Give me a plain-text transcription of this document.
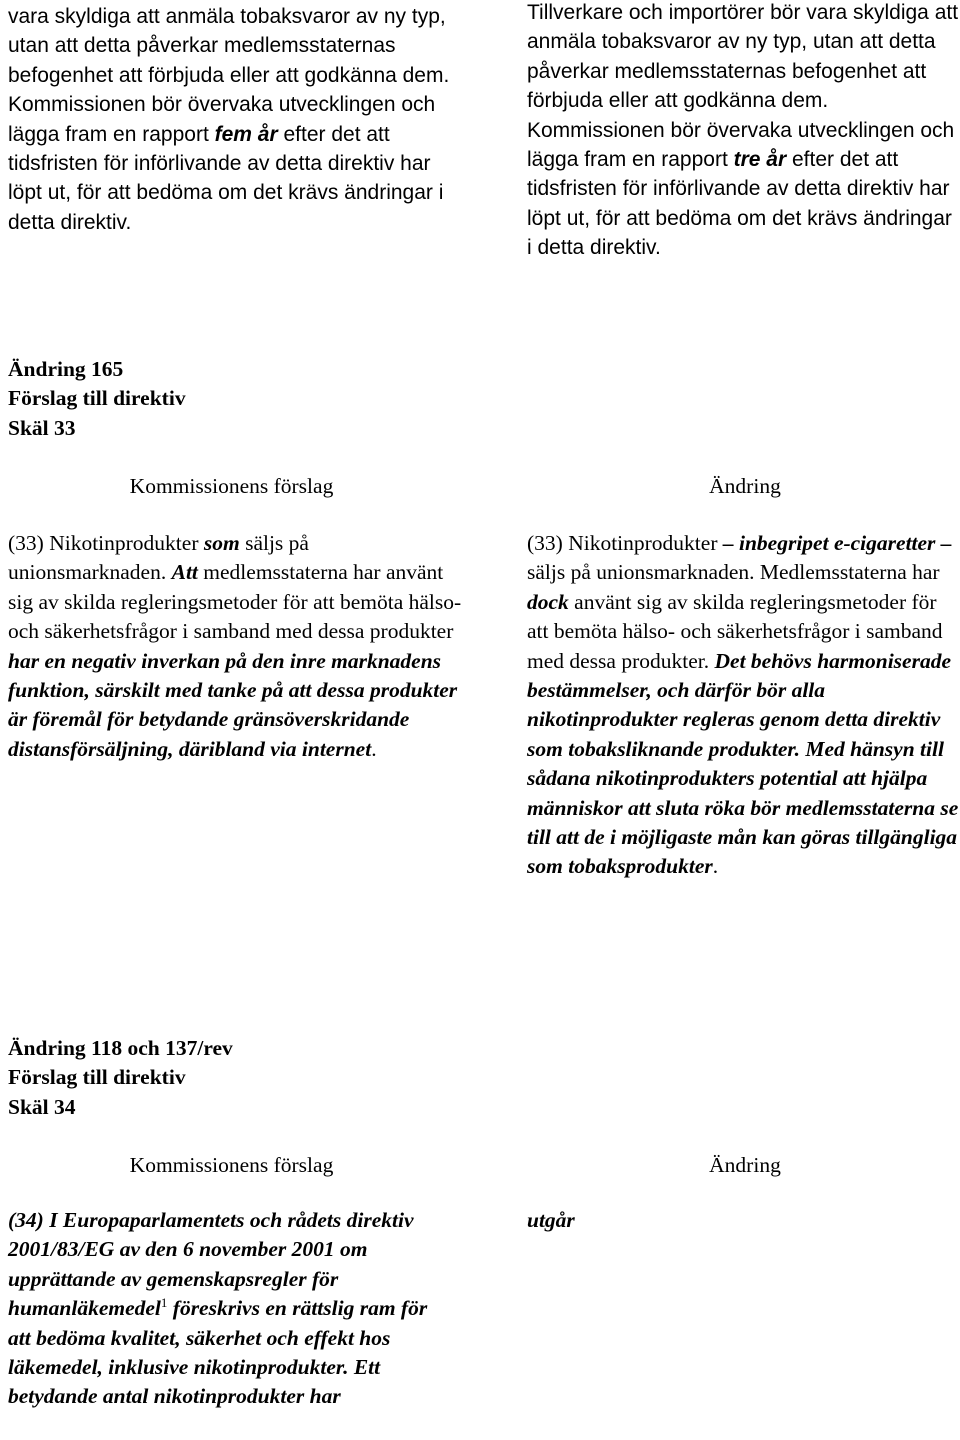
vara skyldiga att anmäla tobaksvaror av ny typ, utan att detta påverkar medlemsstaternas befogenhet att förbjuda eller att godkänna dem. Kommissionen bör övervaka utvecklingen och lägga fram en rapport fem år efter det att tidsfristen för införlivande av detta direktiv har löpt ut, för att bedöma om det krävs ändringar i detta direktiv.

Tillverkare och importörer bör vara skyldiga att anmäla tobaksvaror av ny typ, utan att detta påverkar medlemsstaternas befogenhet att förbjuda eller att godkänna dem. Kommissionen bör övervaka utvecklingen och lägga fram en rapport tre år efter det att tidsfristen för införlivande av detta direktiv har löpt ut, för att bedöma om det krävs ändringar i detta direktiv.

Ändring 165
Förslag till direktiv
Skäl 33
Kommissionens förslag	Ändring

(33) Nikotinprodukter som säljs på unionsmarknaden. Att medlemsstaterna har använt sig av skilda regleringsmetoder för att bemöta hälso- och säkerhetsfrågor i samband med dessa produkter har en negativ inverkan på den inre marknadens funktion, särskilt med tanke på att dessa produkter är föremål för betydande gränsöverskridande distansförsäljning, däribland via internet.

(33) Nikotinprodukter – inbegripet e-cigaretter – säljs på unionsmarknaden. Medlemsstaterna har dock använt sig av skilda regleringsmetoder för att bemöta hälso- och säkerhetsfrågor i samband med dessa produkter. Det behövs harmoniserade bestämmelser, och därför bör alla nikotinprodukter regleras genom detta direktiv som tobaksliknande produkter. Med hänsyn till sådana nikotinprodukters potential att hjälpa människor att sluta röka bör medlemsstaterna se till att de i möjligaste mån kan göras tillgängliga som tobaksprodukter.

Ändring 118 och 137/rev
Förslag till direktiv
Skäl 34
Kommissionens förslag	Ändring

(34) I Europaparlamentets och rådets direktiv 2001/83/EG av den 6 november 2001 om upprättande av gemenskapsregler för humanläkemedel$^1$ föreskrivs en rättslig ram för att bedöma kvalitet, säkerhet och effekt hos läkemedel, inklusive nikotinprodukter. Ett betydande antal nikotinprodukter har

utgår
